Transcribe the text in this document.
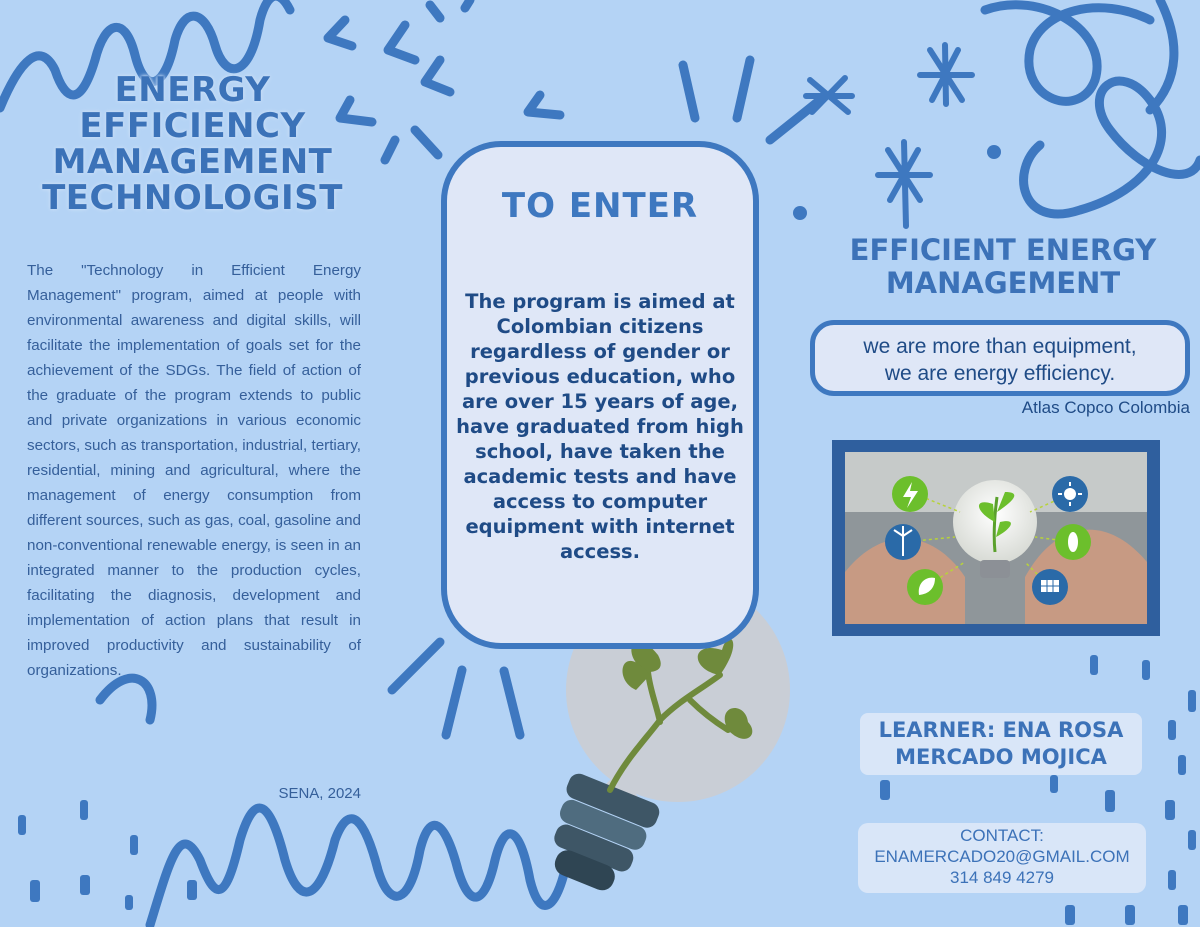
ENERGY
EFFICIENCY
MANAGEMENT
TECHNOLOGIST

The "Technology in Efficient Energy Management" program, aimed at people with environmental awareness and digital skills, will facilitate the implementation of goals set for the achievement of the SDGs. The field of action of the graduate of the program extends to public and private organizations in various economic sectors, such as transportation, industrial, tertiary, residential, mining and agricultural, where the management of energy consumption from different sources, such as gas, coal, gasoline and non-conventional renewable energy, is seen in an integrated manner to the production cycles, facilitating the diagnosis, development and implementation of action plans that result in improved productivity and sustainability of organizations.

SENA, 2024
TO ENTER

The program is aimed at Colombian citizens regardless of gender or previous education, who are over 15 years of age, have graduated from high school, have taken the academic tests and have access to computer equipment with internet access.

EFFICIENT ENERGY MANAGEMENT
we are more than equipment,
we are energy efficiency.
Atlas Copco Colombia
LEARNER: ENA ROSA
MERCADO MOJICA
CONTACT:
ENAMERCADO20@GMAIL.COM
314 849 4279
